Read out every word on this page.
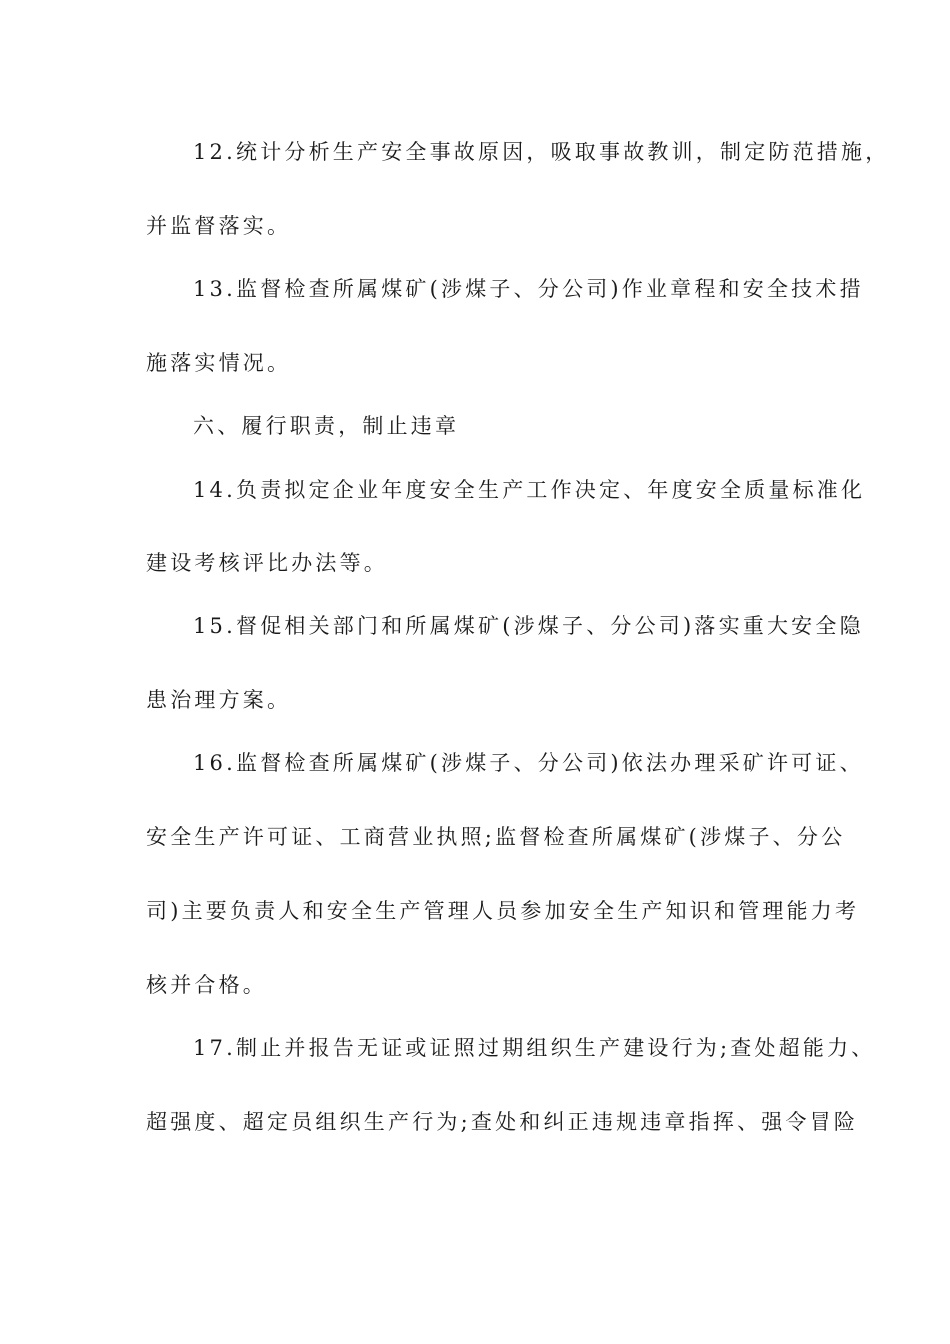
12.统计分析生产安全事故原因，吸取事故教训，制定防范措施，
并监督落实。
13.监督检查所属煤矿(涉煤子、分公司)作业章程和安全技术措
施落实情况。
六、履行职责，制止违章
14.负责拟定企业年度安全生产工作决定、年度安全质量标准化
建设考核评比办法等。
15.督促相关部门和所属煤矿(涉煤子、分公司)落实重大安全隐
患治理方案。
16.监督检查所属煤矿(涉煤子、分公司)依法办理采矿许可证、
安全生产许可证、工商营业执照;监督检查所属煤矿(涉煤子、分公
司)主要负责人和安全生产管理人员参加安全生产知识和管理能力考
核并合格。
17.制止并报告无证或证照过期组织生产建设行为;查处超能力、
超强度、超定员组织生产行为;查处和纠正违规违章指挥、强令冒险
